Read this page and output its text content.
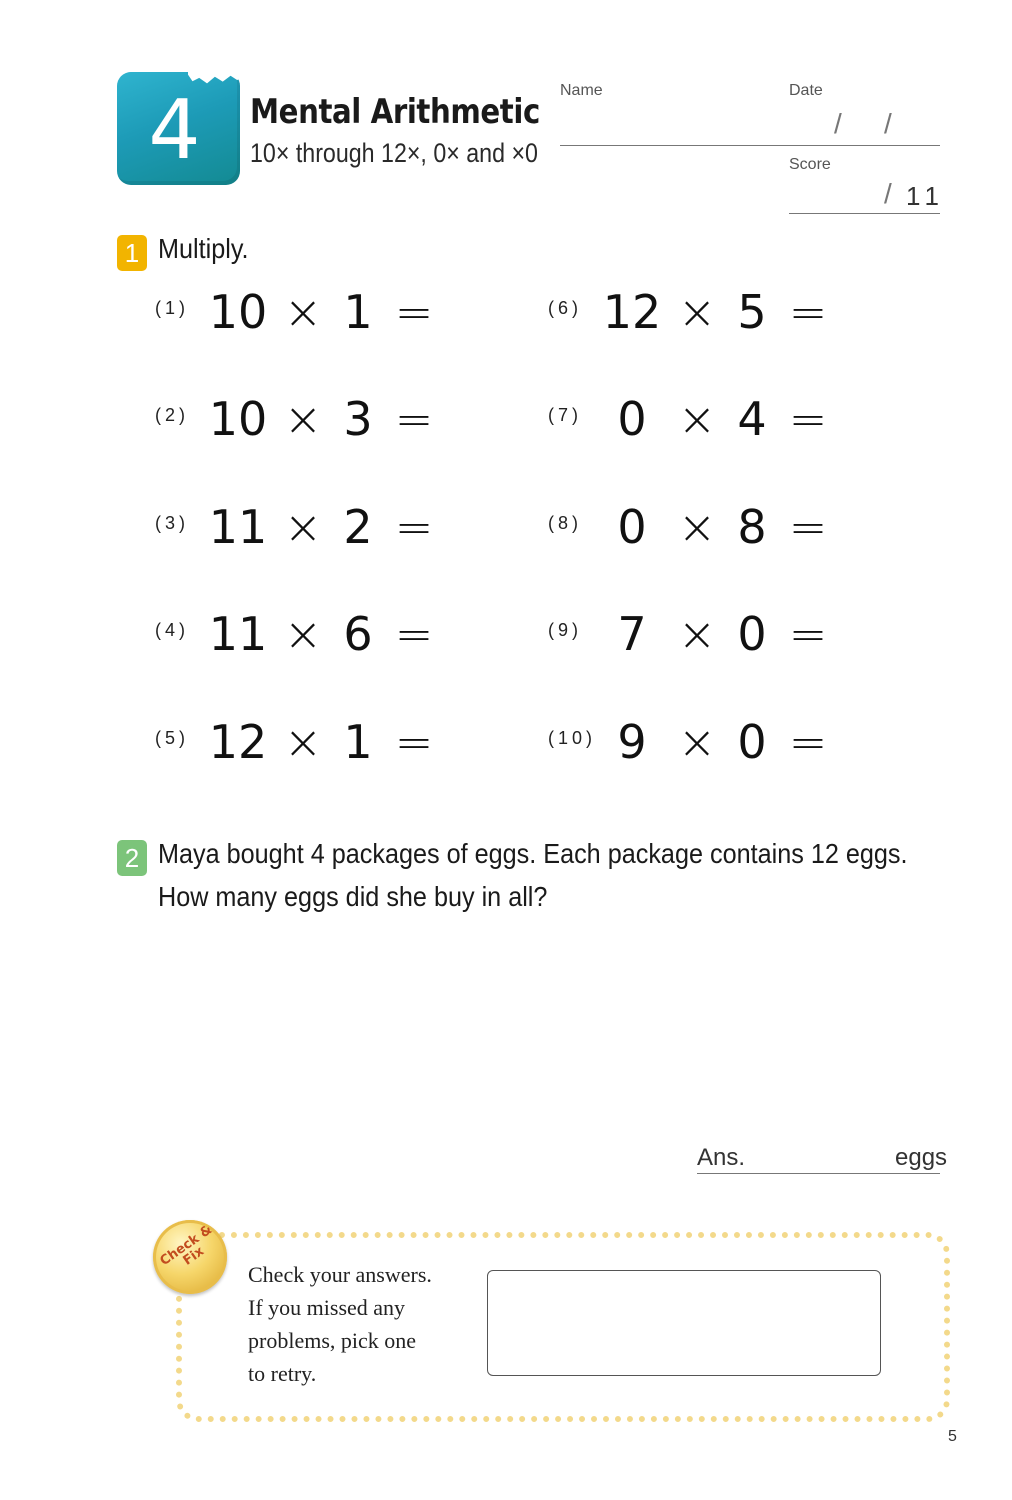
4	Mental Arithmetic
10× through 12×, 0× and ×0
Name	Date
/ /
Score
/ 11
1 Multiply.
(1) 10 × 1 =
(2) 10 × 3 =
(3) 11 × 2 =
(4) 11 × 6 =
(5) 12 × 1 =
(6) 12 × 5 =
(7) 0 × 4 =
(8) 0 × 8 =
(9) 7 × 0 =
(10) 9 × 0 =
2 Maya bought 4 packages of eggs. Each package contains 12 eggs.
How many eggs did she buy in all?
Ans.	eggs
Check & Fix
Check your answers.
If you missed any
problems, pick one
to retry.
5
